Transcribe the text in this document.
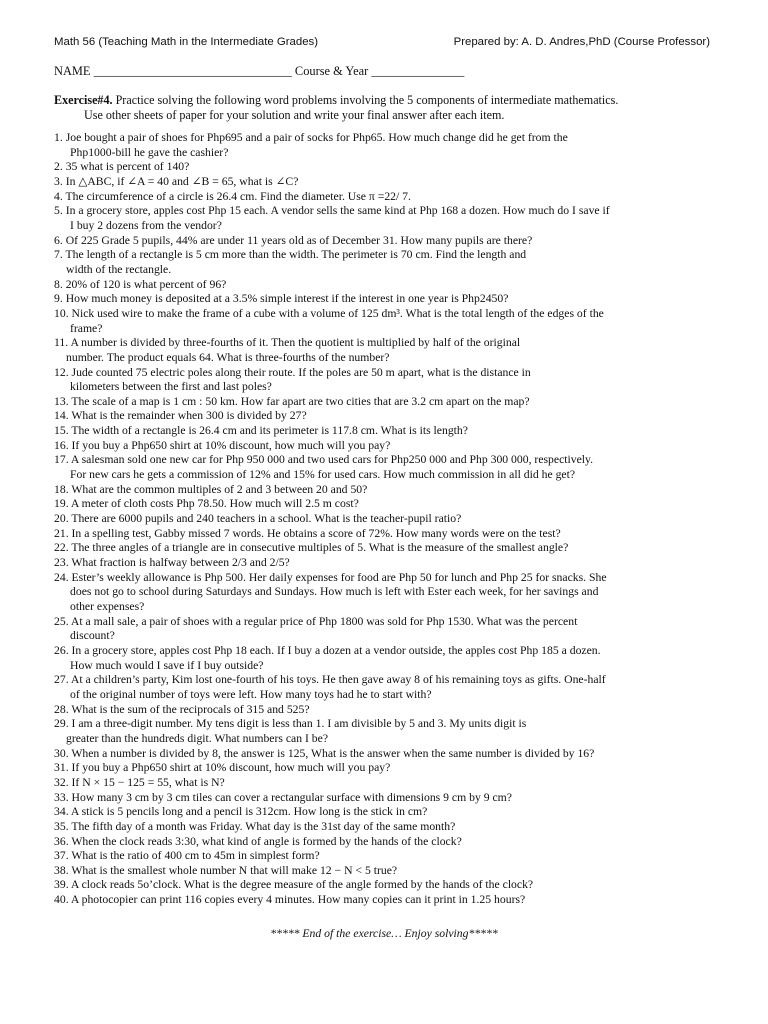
Math 56 (Teaching Math in the Intermediate Grades)	Prepared by: A. D. Andres,PhD (Course Professor)
NAME ________________________________ Course & Year _______________
Exercise#4. Practice solving the following word problems involving the 5 components of intermediate mathematics.
Use other sheets of paper for your solution and write your final answer after each item.
1. Joe bought a pair of shoes for Php695 and a pair of socks for Php65. How much change did he get from the
Php1000-bill he gave the cashier?
2. 35 what is percent of 140?
3. In △ABC, if ∠A = 40 and ∠B = 65, what is ∠C?
4. The circumference of a circle is 26.4 cm. Find the diameter. Use π =22/ 7.
5. In a grocery store, apples cost Php 15 each. A vendor sells the same kind at Php 168 a dozen. How much do I save if
I buy 2 dozens from the vendor?
6. Of 225 Grade 5 pupils, 44% are under 11 years old as of December 31. How many pupils are there?
7. The length of a rectangle is 5 cm more than the width. The perimeter is 70 cm. Find the length and
width of the rectangle.
8. 20% of 120 is what percent of 96?
9. How much money is deposited at a 3.5% simple interest if the interest in one year is Php2450?
10. Nick used wire to make the frame of a cube with a volume of 125 dm³. What is the total length of the edges of the
frame?
11. A number is divided by three-fourths of it. Then the quotient is multiplied by half of the original
number. The product equals 64. What is three-fourths of the number?
12. Jude counted 75 electric poles along their route. If the poles are 50 m apart, what is the distance in
kilometers between the first and last poles?
13. The scale of a map is 1 cm : 50 km. How far apart are two cities that are 3.2 cm apart on the map?
14. What is the remainder when 300 is divided by 27?
15. The width of a rectangle is 26.4 cm and its perimeter is 117.8 cm. What is its length?
16. If you buy a Php650 shirt at 10% discount, how much will you pay?
17. A salesman sold one new car for Php 950 000 and two used cars for Php250 000 and Php 300 000, respectively.
For new cars he gets a commission of 12% and 15% for used cars. How much commission in all did he get?
18. What are the common multiples of 2 and 3 between 20 and 50?
19. A meter of cloth costs Php 78.50. How much will 2.5 m cost?
20. There are 6000 pupils and 240 teachers in a school. What is the teacher-pupil ratio?
21. In a spelling test, Gabby missed 7 words. He obtains a score of 72%. How many words were on the test?
22. The three angles of a triangle are in consecutive multiples of 5. What is the measure of the smallest angle?
23. What fraction is halfway between 2/3 and 2/5?
24. Ester’s weekly allowance is Php 500. Her daily expenses for food are Php 50 for lunch and Php 25 for snacks. She
does not go to school during Saturdays and Sundays. How much is left with Ester each week, for her savings and
other expenses?
25. At a mall sale, a pair of shoes with a regular price of Php 1800 was sold for Php 1530. What was the percent
discount?
26. In a grocery store, apples cost Php 18 each. If I buy a dozen at a vendor outside, the apples cost Php 185 a dozen.
How much would I save if I buy outside?
27. At a children’s party, Kim lost one-fourth of his toys. He then gave away 8 of his remaining toys as gifts. One-half
of the original number of toys were left. How many toys had he to start with?
28. What is the sum of the reciprocals of 315 and 525?
29. I am a three-digit number. My tens digit is less than 1. I am divisible by 5 and 3. My units digit is
greater than the hundreds digit. What numbers can I be?
30. When a number is divided by 8, the answer is 125, What is the answer when the same number is divided by 16?
31. If you buy a Php650 shirt at 10% discount, how much will you pay?
32. If N × 15 − 125 = 55, what is N?
33. How many 3 cm by 3 cm tiles can cover a rectangular surface with dimensions 9 cm by 9 cm?
34. A stick is 5 pencils long and a pencil is 312cm. How long is the stick in cm?
35. The fifth day of a month was Friday. What day is the 31st day of the same month?
36. When the clock reads 3:30, what kind of angle is formed by the hands of the clock?
37. What is the ratio of 400 cm to 45m in simplest form?
38. What is the smallest whole number N that will make 12 − N < 5 true?
39. A clock reads 5o’clock. What is the degree measure of the angle formed by the hands of the clock?
40. A photocopier can print 116 copies every 4 minutes. How many copies can it print in 1.25 hours?
***** End of the exercise… Enjoy solving*****
